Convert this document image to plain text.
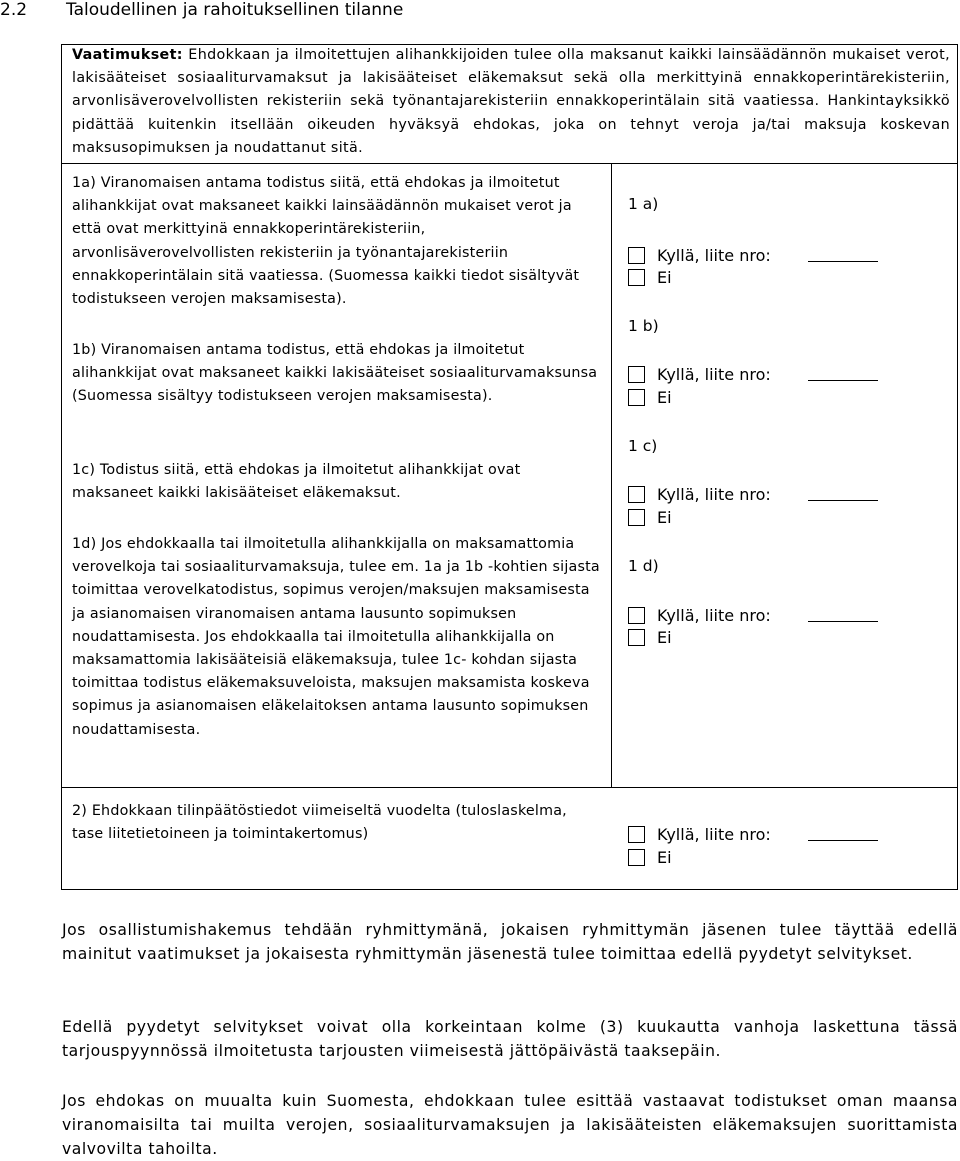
2.2 Taloudellinen ja rahoituksellinen tilanne
Vaatimukset: Ehdokkaan ja ilmoitettujen alihankkijoiden tulee olla maksanut kaikki lainsäädännön mukaiset verot, lakisääteiset sosiaaliturvamaksut ja lakisääteiset eläkemaksut sekä olla merkittyinä ennakkoperintärekisteriin, arvonlisäverovelvollisten rekisteriin sekä työnantajarekisteriin ennakkoperintälain sitä vaatiessa. Hankintayksikkö pidättää kuitenkin itsellään oikeuden hyväksyä ehdokas, joka on tehnyt veroja ja/tai maksuja koskevan maksusopimuksen ja noudattanut sitä.
1a) Viranomaisen antama todistus siitä, että ehdokas ja ilmoitetut alihankkijat ovat maksaneet kaikki lainsäädännön mukaiset verot ja että ovat merkittyinä ennakkoperintärekisteriin, arvonlisäverovelvollisten rekisteriin ja työnantajarekisteriin ennakkoperintälain sitä vaatiessa. (Suomessa kaikki tiedot sisältyvät todistukseen verojen maksamisesta).
1b) Viranomaisen antama todistus, että ehdokas ja ilmoitetut alihankkijat ovat maksaneet kaikki lakisääteiset sosiaaliturvamaksunsa (Suomessa sisältyy todistukseen verojen maksamisesta).
1c) Todistus siitä, että ehdokas ja ilmoitetut alihankkijat ovat maksaneet kaikki lakisääteiset eläkemaksut.
1d) Jos ehdokkaalla tai ilmoitetulla alihankkijalla on maksamattomia verovelkoja tai sosiaaliturvamaksuja, tulee em. 1a ja 1b -kohtien sijasta toimittaa verovelkatodistus, sopimus verojen/maksujen maksamisesta ja asianomaisen viranomaisen antama lausunto sopimuksen noudattamisesta. Jos ehdokkaalla tai ilmoitetulla alihankkijalla on maksamattomia lakisääteisiä eläkemaksuja, tulee 1c- kohdan sijasta toimittaa todistus eläkemaksuveloista, maksujen maksamista koskeva sopimus ja asianomaisen eläkelaitoksen antama lausunto sopimuksen noudattamisesta.
2) Ehdokkaan tilinpäätöstiedot viimeiseltä vuodelta (tuloslaskelma, tase liitetietoineen ja toimintakertomus)
1 a)
1 b)
1 c)
1 d)
Kyllä, liite nro:
Ei
Kyllä, liite nro:
Ei
Kyllä, liite nro:
Ei
Kyllä, liite nro:
Ei
Kyllä, liite nro:
Ei
Jos osallistumishakemus tehdään ryhmittymänä, jokaisen ryhmittymän jäsenen tulee täyttää edellä mainitut vaatimukset ja jokaisesta ryhmittymän jäsenestä tulee toimittaa edellä pyydetyt selvitykset.
Edellä pyydetyt selvitykset voivat olla korkeintaan kolme (3) kuukautta vanhoja laskettuna tässä tarjouspyynnössä ilmoitetusta tarjousten viimeisestä jättöpäivästä taaksepäin.
Jos ehdokas on muualta kuin Suomesta, ehdokkaan tulee esittää vastaavat todistukset oman maansa viranomaisilta tai muilta verojen, sosiaaliturvamaksujen ja lakisääteisten eläkemaksujen suorittamista valvovilta tahoilta.
